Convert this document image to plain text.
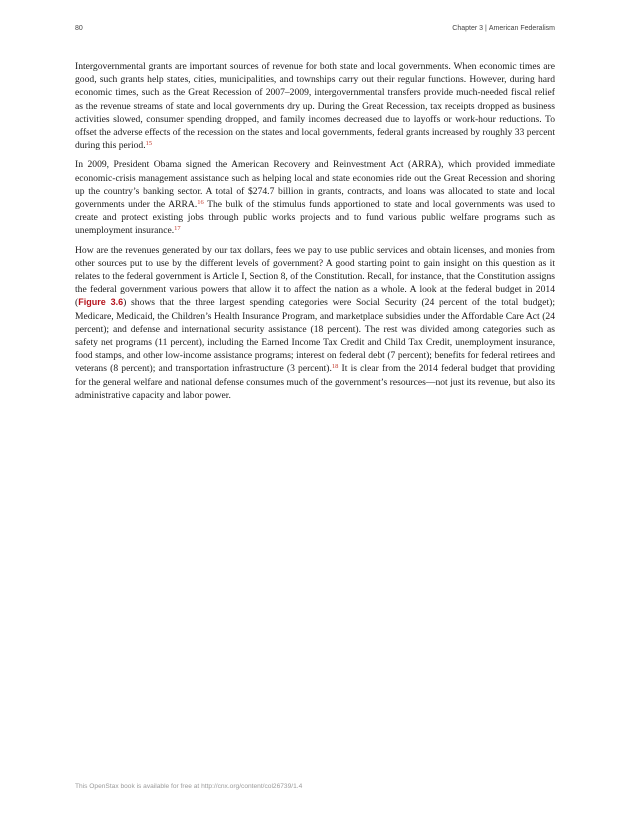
80	Chapter 3 | American Federalism

Intergovernmental grants are important sources of revenue for both state and local governments. When economic times are good, such grants help states, cities, municipalities, and townships carry out their regular functions. However, during hard economic times, such as the Great Recession of 2007–2009, intergovernmental transfers provide much-needed fiscal relief as the revenue streams of state and local governments dry up. During the Great Recession, tax receipts dropped as business activities slowed, consumer spending dropped, and family incomes decreased due to layoffs or work-hour reductions. To offset the adverse effects of the recession on the states and local governments, federal grants increased by roughly 33 percent during this period.$^{15}$

In 2009, President Obama signed the American Recovery and Reinvestment Act (ARRA), which provided immediate economic-crisis management assistance such as helping local and state economies ride out the Great Recession and shoring up the country’s banking sector. A total of $274.7 billion in grants, contracts, and loans was allocated to state and local governments under the ARRA.$^{16}$ The bulk of the stimulus funds apportioned to state and local governments was used to create and protect existing jobs through public works projects and to fund various public welfare programs such as unemployment insurance.$^{17}$

How are the revenues generated by our tax dollars, fees we pay to use public services and obtain licenses, and monies from other sources put to use by the different levels of government? A good starting point to gain insight on this question as it relates to the federal government is Article I, Section 8, of the Constitution. Recall, for instance, that the Constitution assigns the federal government various powers that allow it to affect the nation as a whole. A look at the federal budget in 2014 (Figure 3.6) shows that the three largest spending categories were Social Security (24 percent of the total budget); Medicare, Medicaid, the Children’s Health Insurance Program, and marketplace subsidies under the Affordable Care Act (24 percent); and defense and international security assistance (18 percent). The rest was divided among categories such as safety net programs (11 percent), including the Earned Income Tax Credit and Child Tax Credit, unemployment insurance, food stamps, and other low-income assistance programs; interest on federal debt (7 percent); benefits for federal retirees and veterans (8 percent); and transportation infrastructure (3 percent).$^{18}$ It is clear from the 2014 federal budget that providing for the general welfare and national defense consumes much of the government’s resources—not just its revenue, but also its administrative capacity and labor power.

This OpenStax book is available for free at http://cnx.org/content/col26739/1.4
